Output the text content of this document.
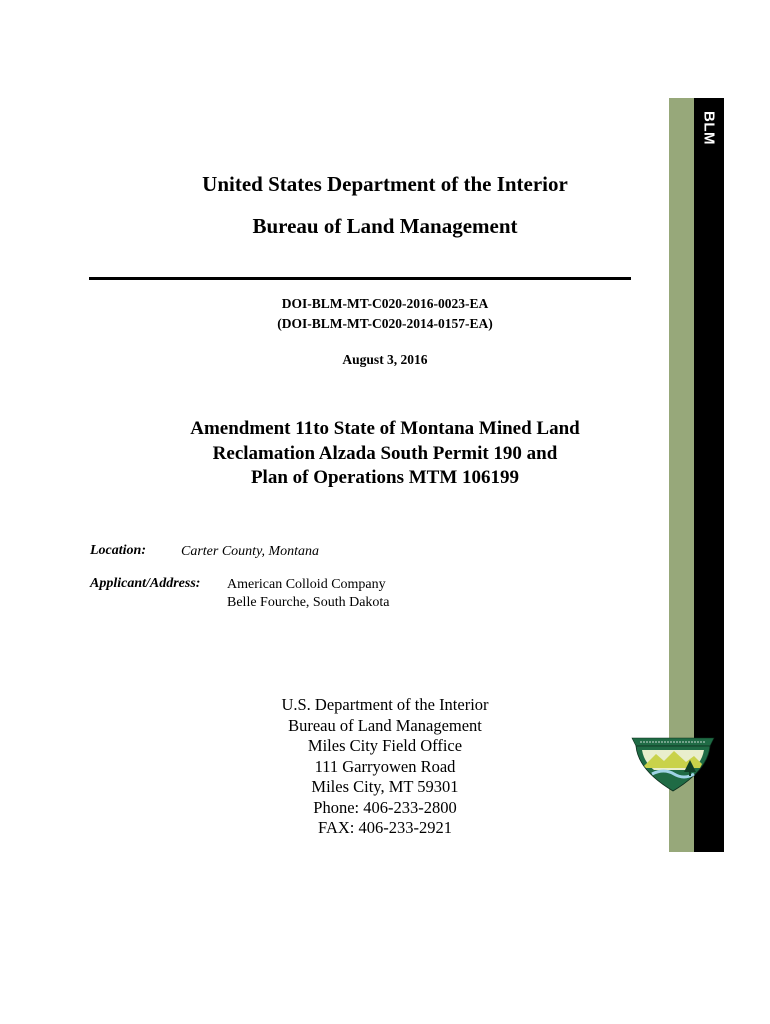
United States Department of the Interior
Bureau of Land Management
DOI-BLM-MT-C020-2016-0023-EA
(DOI-BLM-MT-C020-2014-0157-EA)
August 3, 2016
Amendment 11to State of Montana Mined Land
Reclamation Alzada South Permit 190 and
Plan of Operations MTM 106199
Location:	Carter County, Montana
Applicant/Address: American Colloid Company
Belle Fourche, South Dakota
U.S. Department of the Interior
Bureau of Land Management
Miles City Field Office
111 Garryowen Road
Miles City, MT 59301
Phone: 406-233-2800
FAX: 406-233-2921
BLM
